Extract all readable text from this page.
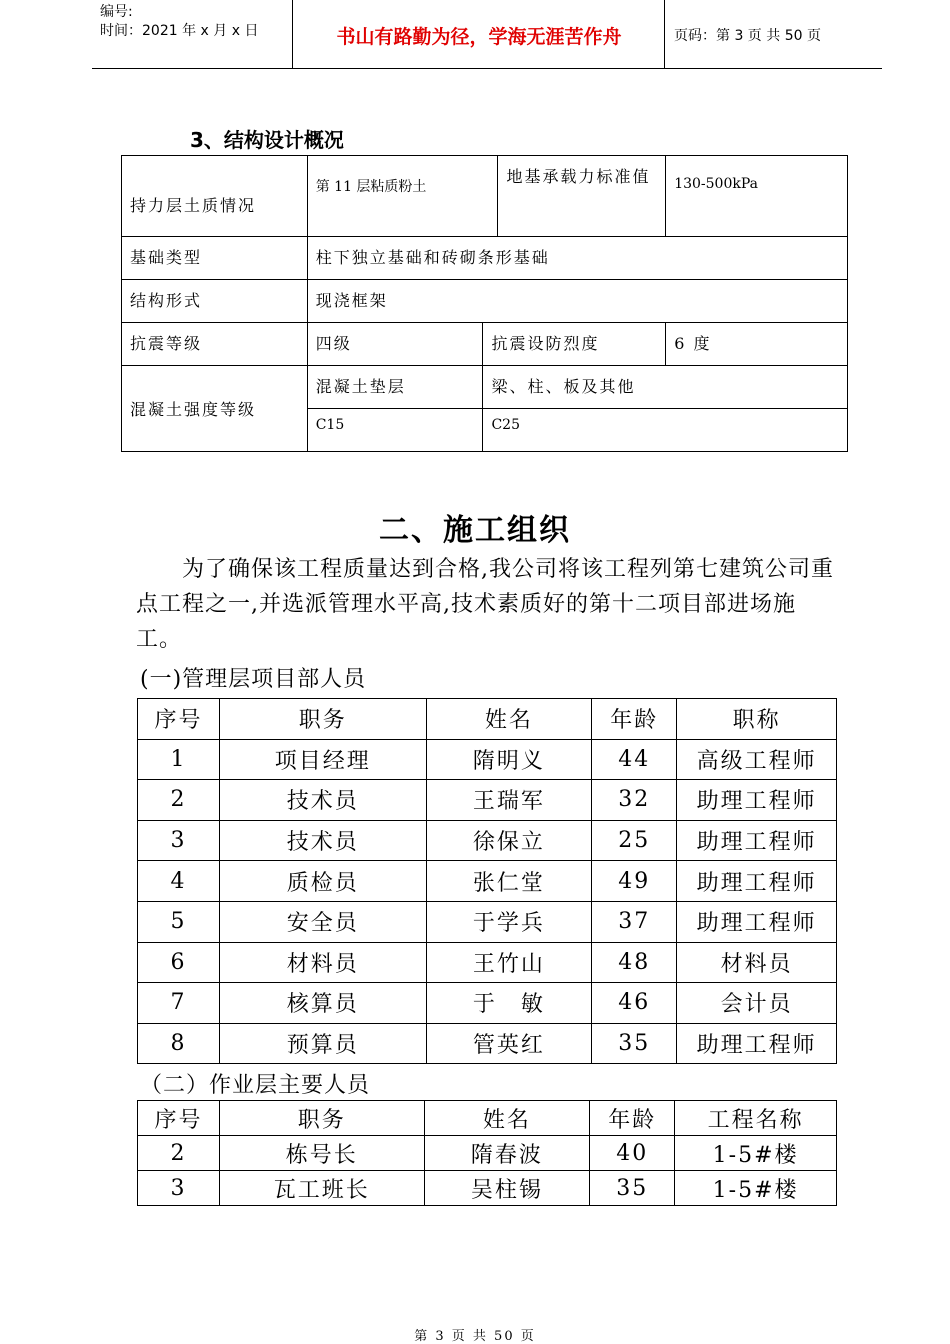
编号:
时间：2021 年 x 月 x 日	书山有路勤为径，学海无涯苦作舟	页码：第 3 页 共 50 页
3、结构设计概况
持力层土质情况	第 11 层粘质粉土		地基承载力标准值	130-500kPa
基础类型	柱下独立基础和砖砌条形基础			
结构形式	现浇框架			
抗震等级	四级	抗震设防烈度		6 度
混凝土强度等级	混凝土垫层	梁、柱、板及其他		
	C15	C25		
二、施工组织

为了确保该工程质量达到合格,我公司将该工程列第七建筑公司重点工程之一,并选派管理水平高,技术素质好的第十二项目部进场施工。

(一)管理层项目部人员
序号	职务	姓名	年龄	职称
1	项目经理	隋明义	44	高级工程师
2	技术员	王瑞军	32	助理工程师
3	技术员	徐保立	25	助理工程师
4	质检员	张仁堂	49	助理工程师
5	安全员	于学兵	37	助理工程师
6	材料员	王竹山	48	材料员
7	核算员	于　敏	46	会计员
8	预算员	管英红	35	助理工程师
（二）作业层主要人员
序号	职务	姓名	年龄	工程名称
2	栋号长	隋春波	40	1-5#楼
3	瓦工班长	吴柱锡	35	1-5#楼
第 3 页 共 50 页
